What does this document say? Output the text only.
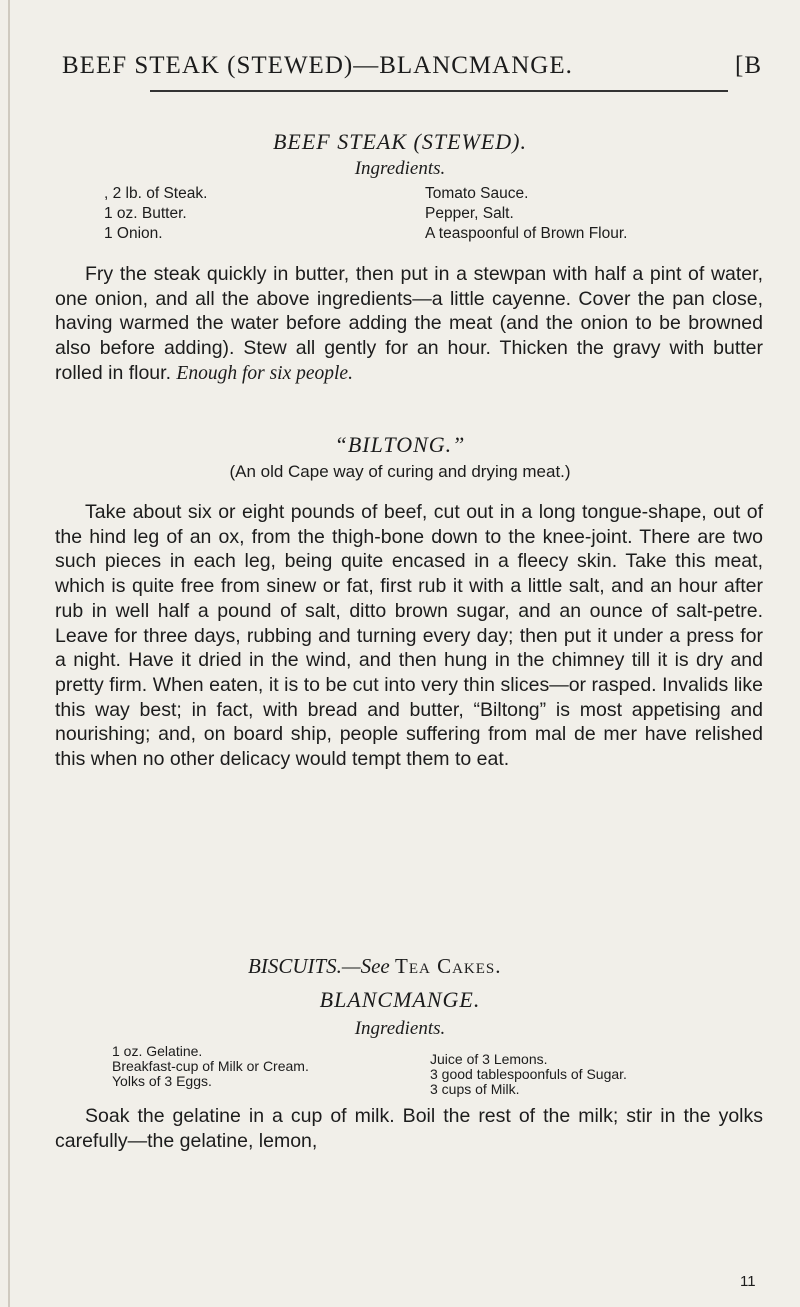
BEEF STEAK (STEWED)—BLANCMANGE.	[B
BEEF STEAK (STEWED).
Ingredients.
, 2 lb. of Steak.
1 oz. Butter.
1 Onion.
Tomato Sauce.
Pepper, Salt.
A teaspoonful of Brown Flour.
Fry the steak quickly in butter, then put in a stewpan with half a pint of water, one onion, and all the above ingredients—a little cayenne. Cover the pan close, having warmed the water before adding the meat (and the onion to be browned also before adding). Stew all gently for an hour. Thicken the gravy with butter rolled in flour. Enough for six people.
“BILTONG.”
(An old Cape way of curing and drying meat.)
Take about six or eight pounds of beef, cut out in a long tongue-shape, out of the hind leg of an ox, from the thigh-bone down to the knee-joint. There are two such pieces in each leg, being quite encased in a fleecy skin. Take this meat, which is quite free from sinew or fat, first rub it with a little salt, and an hour after rub in well half a pound of salt, ditto brown sugar, and an ounce of salt-petre. Leave for three days, rubbing and turning every day; then put it under a press for a night. Have it dried in the wind, and then hung in the chimney till it is dry and pretty firm. When eaten, it is to be cut into very thin slices—or rasped. Invalids like this way best; in fact, with bread and butter, “Biltong” is most appetising and nourishing; and, on board ship, people suffering from mal de mer have relished this when no other delicacy would tempt them to eat.
BISCUITS.—See Tea Cakes.
BLANCMANGE.
Ingredients.
1 oz. Gelatine.
Breakfast-cup of Milk or Cream.
Yolks of 3 Eggs.
Juice of 3 Lemons.
3 good tablespoonfuls of Sugar.
3 cups of Milk.
Soak the gelatine in a cup of milk. Boil the rest of the milk; stir in the yolks carefully—the gelatine, lemon,
11
